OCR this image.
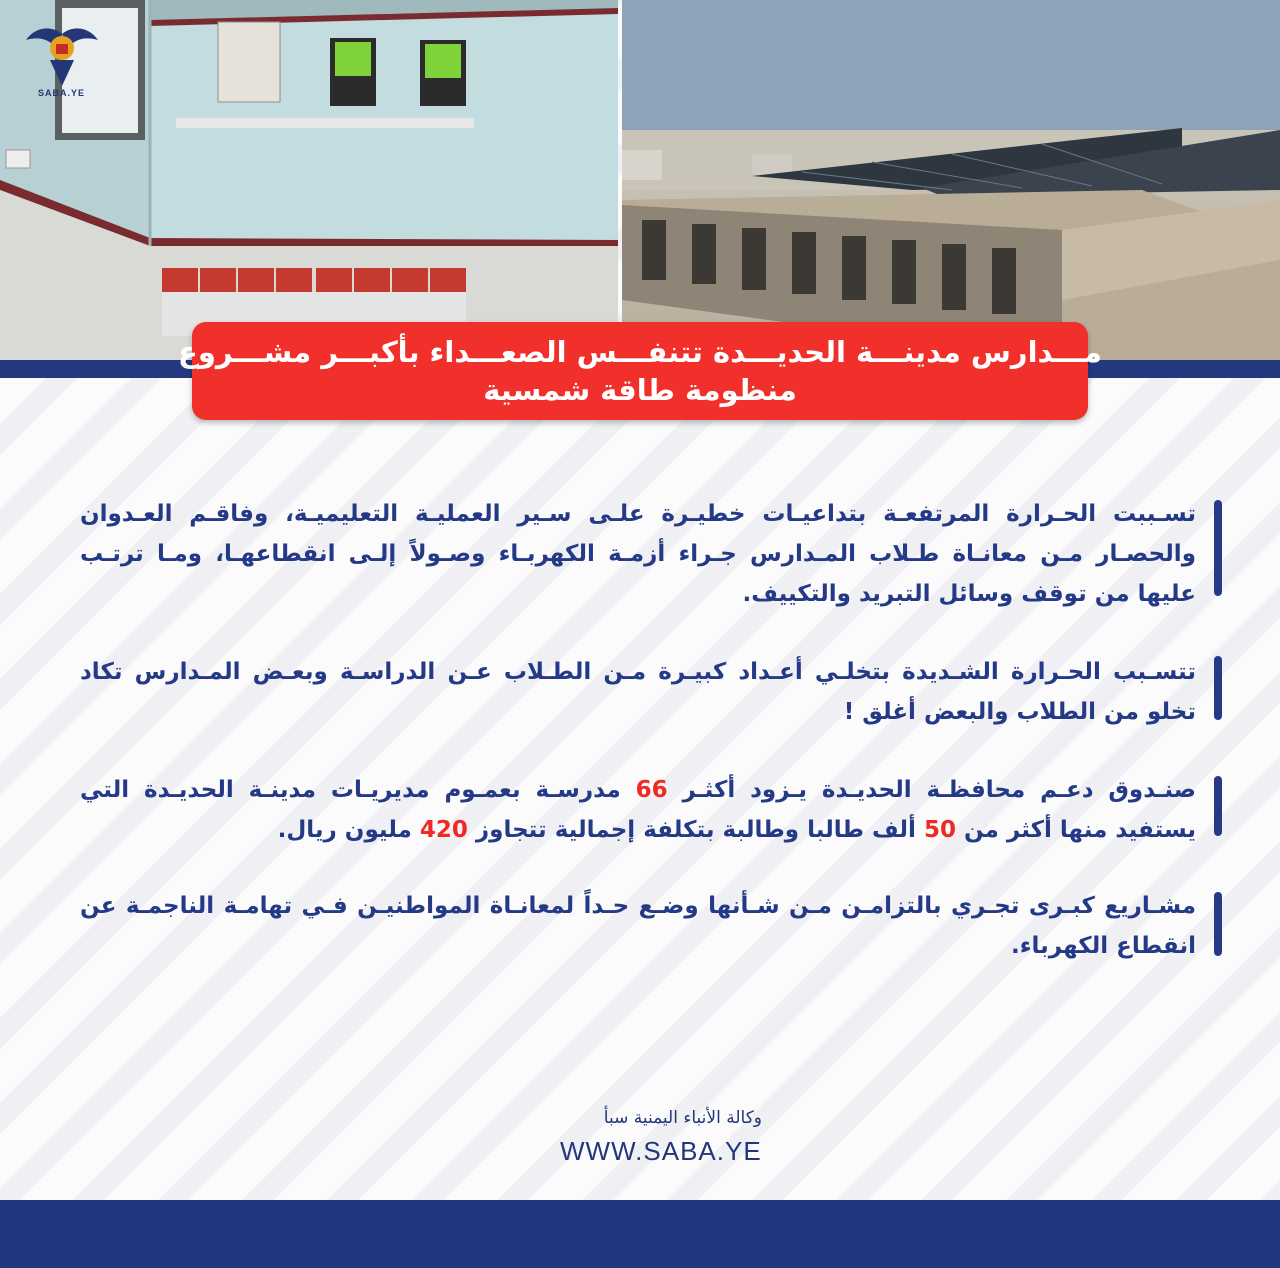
SABA.YE
مـــدارس مدينـــة الحديـــدة تتنفـــس الصعـــداء بأكبـــر مشـــروع
منظومة طاقة شمسية
تسـببت الحـرارة المرتفعـة بتداعيـات خطيـرة علـى سـير العمليـة التعليميـة، وفاقـم العـدوان والحصـار مـن معانـاة طـلاب المـدارس جـراء أزمـة الكهربـاء وصـولاً إلـى انقطاعهـا، ومـا ترتـب عليها من توقف وسائل التبريد والتكييف.
تتسـبب الحـرارة الشـديدة بتخلـي أعـداد كبيـرة مـن الطـلاب عـن الدراسـة وبعـض المـدارس تكاد تخلو من الطلاب والبعض أغلق !
صنـدوق دعـم محافظـة الحديـدة يـزود أكثـر 66 مدرسـة بعمـوم مديريـات مدينـة الحديـدة التي يستفيد منها أكثر من 50 ألف طالبا وطالبة بتكلفة إجمالية تتجاوز 420 مليون ريال.
مشـاريع كبـرى تجـري بالتزامـن مـن شـأنها وضـع حـداً لمعانـاة المواطنيـن فـي تهامـة الناجمـة عن انقطاع الكهرباء.
وكالة الأنباء اليمنية سبأ
WWW.SABA.YE
